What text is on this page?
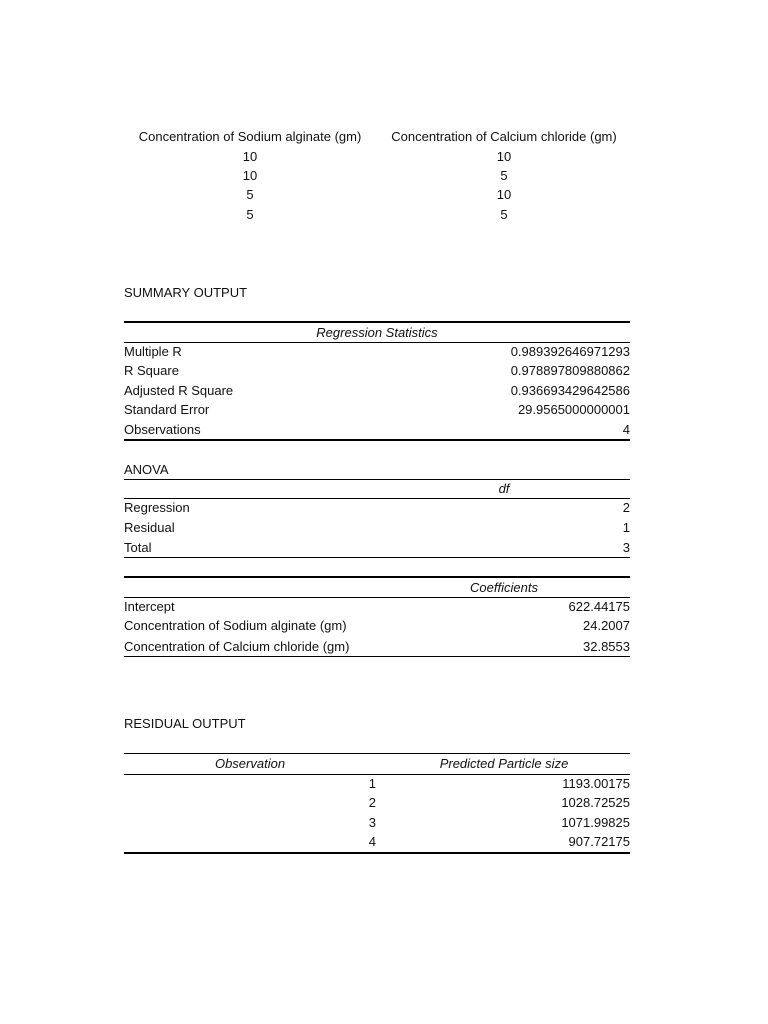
Concentration of Sodium alginate (gm)	Concentration of Calcium chloride (gm)
10	10
10	5
5	10
5	5
SUMMARY OUTPUT
Regression Statistics
Multiple R	0.989392646971293
R Square	0.978897809880862
Adjusted R Square	0.936693429642586
Standard Error	29.9565000000001
Observations	4
ANOVA
df
Regression	2
Residual	1
Total	3
Coefficients
Intercept	622.44175
Concentration of Sodium alginate (gm)	24.2007
Concentration of Calcium chloride (gm)	32.8553
RESIDUAL OUTPUT
Observation	Predicted Particle size
1	1193.00175
2	1028.72525
3	1071.99825
4	907.72175
